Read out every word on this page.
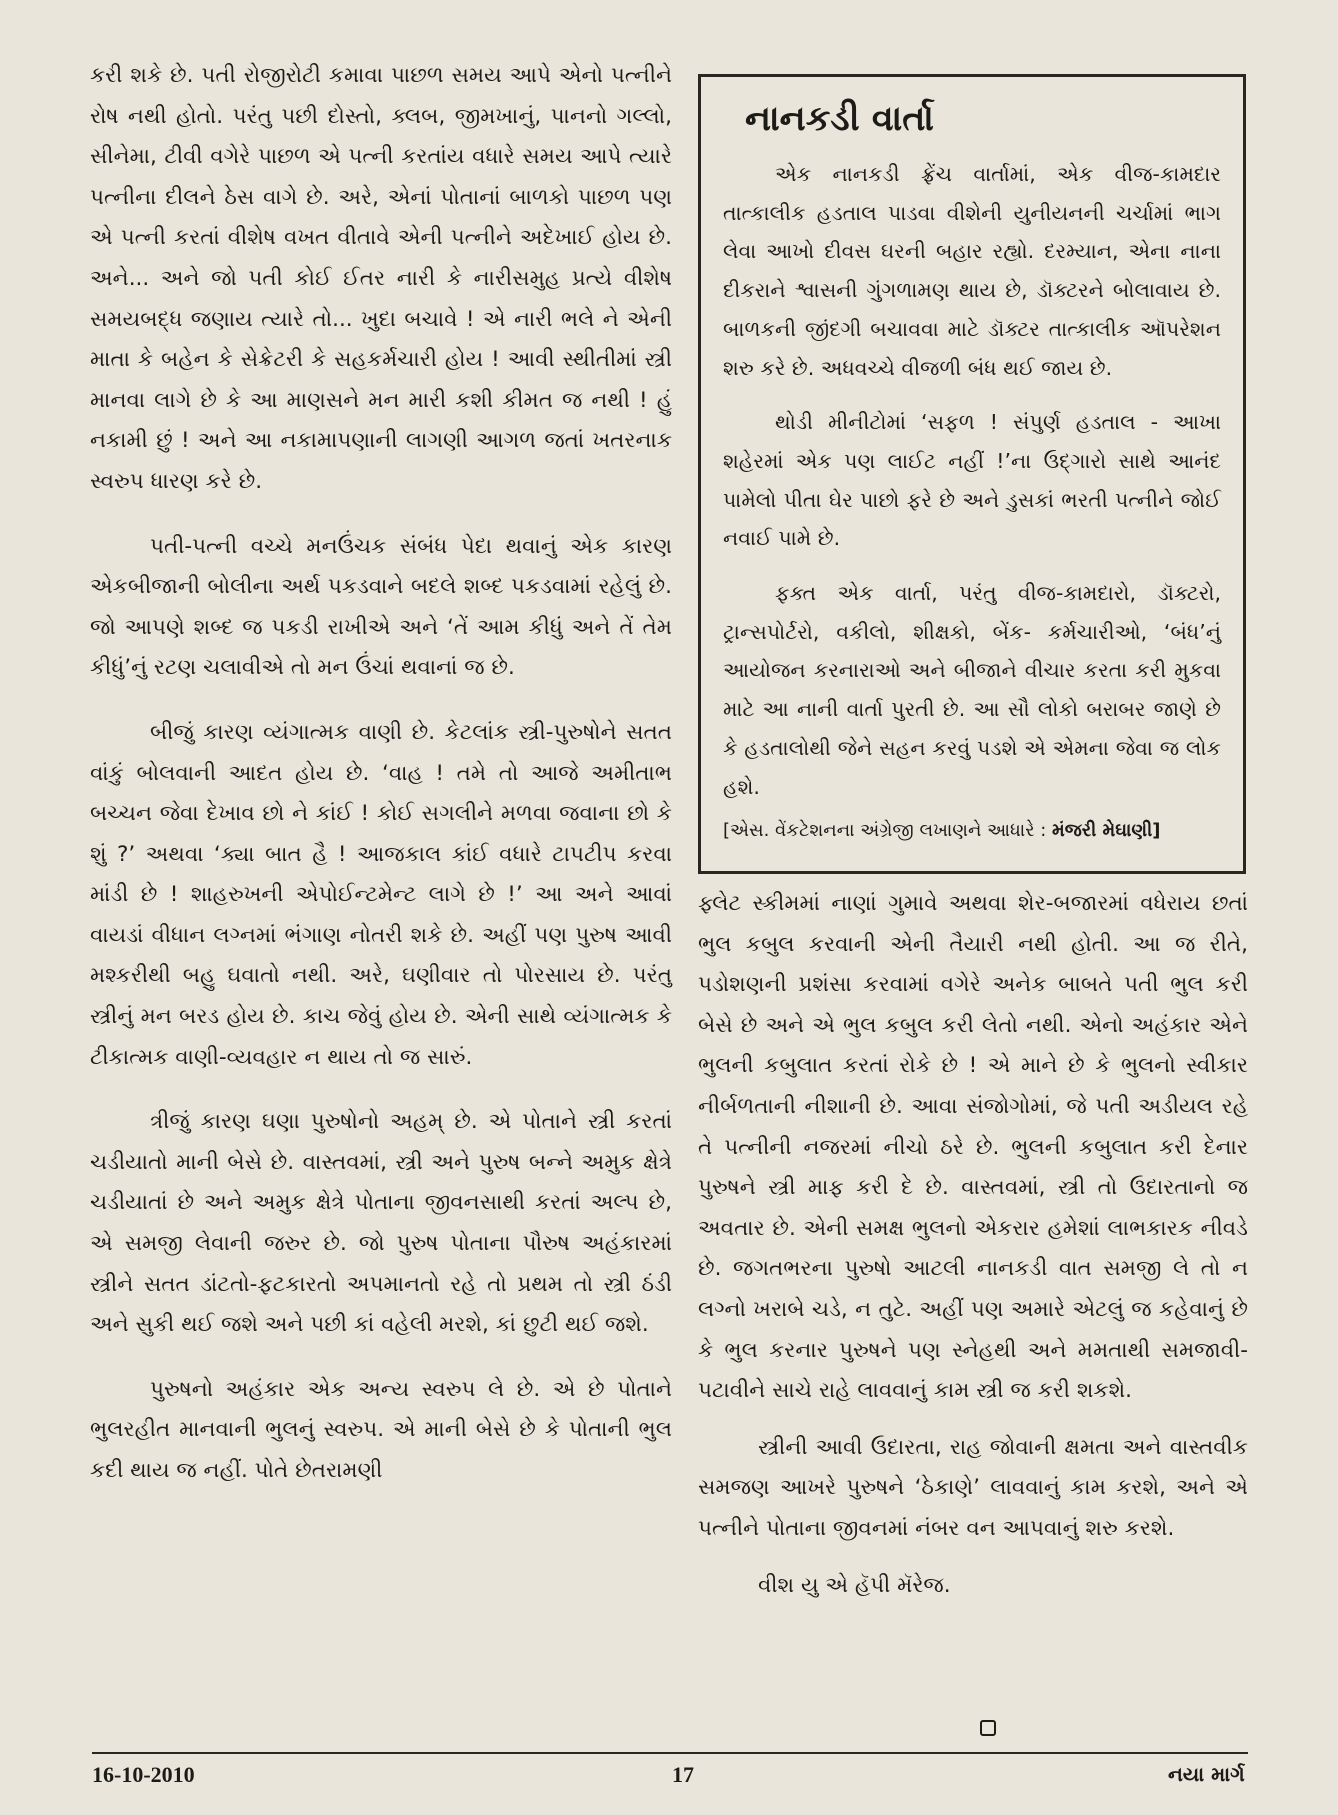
કરી શકે છે. પતી રોજીરોટી કમાવા પાછળ સમય આપે એનો પત્નીને રોષ નથી હોતો. પરંતુ પછી દોસ્તો, ક્લબ, જીમખાનું, પાનનો ગલ્લો, સીનેમા, ટીવી વગેરે પાછળ એ પત્ની કરતાંય વધારે સમય આપે ત્યારે પત્નીના દીલને ઠેસ વાગે છે. અરે, એનાં પોતાનાં બાળકો પાછળ પણ એ પત્ની કરતાં વીશેષ વખત વીતાવે એની પત્નીને અદેખાઈ હોય છે. અને... અને જો પતી કોઈ ઈતર નારી કે નારીસમુહ પ્રત્યે વીશેષ સમયબદ્ધ જણાય ત્યારે તો... ખુદા બચાવે ! એ નારી ભલે ને એની માતા કે બહેન કે સેક્રેટરી કે સહકર્મચારી હોય ! આવી સ્થીતીમાં સ્ત્રી માનવા લાગે છે કે આ માણસને મન મારી કશી કીમત જ નથી ! હું નકામી છું ! અને આ નકામાપણાની લાગણી આગળ જતાં ખતરનાક સ્વરુપ ધારણ કરે છે.

પતી-પત્ની વચ્ચે મનઉંચક સંબંધ પેદા થવાનું એક કારણ એકબીજાની બોલીના અર્થ પકડવાને બદલે શબ્દ પકડવામાં રહેલું છે. જો આપણે શબ્દ જ પકડી રાખીએ અને ‘તેં આમ કીધું અને તેં તેમ કીધું’નું રટણ ચલાવીએ તો મન ઉંચાં થવાનાં જ છે.

બીજું કારણ વ્યંગાત્મક વાણી છે. કેટલાંક સ્ત્રી-પુરુષોને સતત વાંકું બોલવાની આદત હોય છે. ‘વાહ ! તમે તો આજે અમીતાભ બચ્ચન જેવા દેખાવ છો ને કાંઈ ! કોઈ સગલીને મળવા જવાના છો કે શું ?’ અથવા ‘ક્યા બાત હૈ ! આજકાલ કાંઈ વધારે ટાપટીપ કરવા માંડી છે ! શાહરુખની એપોઈન્ટમેન્ટ લાગે છે !’ આ અને આવાં વાયડાં વીધાન લગ્નમાં ભંગાણ નોતરી શકે છે. અહીં પણ પુરુષ આવી મશ્કરીથી બહુ ઘવાતો નથી. અરે, ઘણીવાર તો પોરસાય છે. પરંતુ સ્ત્રીનું મન બરડ હોય છે. કાચ જેવું હોય છે. એની સાથે વ્યંગાત્મક કે ટીકાત્મક વાણી-વ્યવહાર ન થાય તો જ સારું.

ત્રીજું કારણ ઘણા પુરુષોનો અહમ્ છે. એ પોતાને સ્ત્રી કરતાં ચડીયાતો માની બેસે છે. વાસ્તવમાં, સ્ત્રી અને પુરુષ બન્ને અમુક ક્ષેત્રે ચડીયાતાં છે અને અમુક ક્ષેત્રે પોતાના જીવનસાથી કરતાં અલ્પ છે, એ સમજી લેવાની જરુર છે. જો પુરુષ પોતાના પૌરુષ અહંકારમાં સ્ત્રીને સતત ડાંટતો-ફટકારતો અપમાનતો રહે તો પ્રથમ તો સ્ત્રી ઠંડી અને સુકી થઈ જશે અને પછી કાં વહેલી મરશે, કાં છુટી થઈ જશે.

પુરુષનો અહંકાર એક અન્ય સ્વરુપ લે છે. એ છે પોતાને ભુલરહીત માનવાની ભુલનું સ્વરુપ. એ માની બેસે છે કે પોતાની ભુલ કદી થાય જ નહીં. પોતે છેતરામણી

નાનકડી વાર્તા

એક નાનકડી ફ્રેંચ વાર્તામાં, એક વીજ-કામદાર તાત્કાલીક હડતાલ પાડવા વીશેની યુનીયનની ચર્ચામાં ભાગ લેવા આખો દીવસ ઘરની બહાર રહ્યો. દરમ્યાન, એના નાના દીકરાને શ્વાસની ગુંગળામણ થાય છે, ડૉક્ટરને બોલાવાય છે. બાળકની જીંદગી બચાવવા માટે ડૉક્ટર તાત્કાલીક ઑપરેશન શરુ કરે છે. અધવચ્ચે વીજળી બંધ થઈ જાય છે.

થોડી મીનીટોમાં ‘સફળ ! સંપુર્ણ હડતાલ - આખા શહેરમાં એક પણ લાઈટ નહીં !’ના ઉદ્ગારો સાથે આનંદ પામેલો પીતા ઘેર પાછો ફરે છે અને ડુસકાં ભરતી પત્નીને જોઈ નવાઈ પામે છે.

ફક્ત એક વાર્તા, પરંતુ વીજ-કામદારો, ડૉક્ટરો, ટ્રાન્સપોર્ટરો, વકીલો, શીક્ષકો, બેંક- કર્મચારીઓ, ‘બંધ’નું આયોજન કરનારાઓ અને બીજાને વીચાર કરતા કરી મુકવા માટે આ નાની વાર્તા પુરતી છે. આ સૌ લોકો બરાબર જાણે છે કે હડતાલોથી જેને સહન કરવું પડશે એ એમના જેવા જ લોક હશે.

[એસ. વેંકટેશનના અંગ્રેજી લખાણને આધારે : મંજરી મેઘાણી]

ફ્લેટ સ્કીમમાં નાણાં ગુમાવે અથવા શેર-બજારમાં વધેરાય છતાં ભુલ કબુલ કરવાની એની તૈયારી નથી હોતી. આ જ રીતે, પડોશણની પ્રશંસા કરવામાં વગેરે અનેક બાબતે પતી ભુલ કરી બેસે છે અને એ ભુલ કબુલ કરી લેતો નથી. એનો અહંકાર એને ભુલની કબુલાત કરતાં રોકે છે ! એ માને છે કે ભુલનો સ્વીકાર નીર્બળતાની નીશાની છે. આવા સંજોગોમાં, જે પતી અડીયલ રહે તે પત્નીની નજરમાં નીચો ઠરે છે. ભુલની કબુલાત કરી દેનાર પુરુષને સ્ત્રી માફ કરી દે છે. વાસ્તવમાં, સ્ત્રી તો ઉદારતાનો જ અવતાર છે. એની સમક્ષ ભુલનો એકરાર હમેશાં લાભકારક નીવડે છે. જગતભરના પુરુષો આટલી નાનકડી વાત સમજી લે તો ન લગ્નો ખરાબે ચડે, ન તુટે. અહીં પણ અમારે એટલું જ કહેવાનું છે કે ભુલ કરનાર પુરુષને પણ સ્નેહથી અને મમતાથી સમજાવી-પટાવીને સાચે રાહે લાવવાનું કામ સ્ત્રી જ કરી શકશે.

સ્ત્રીની આવી ઉદારતા, રાહ જોવાની ક્ષમતા અને વાસ્તવીક સમજણ આખરે પુરુષને ‘ઠેકાણે’ લાવવાનું કામ કરશે, અને એ પત્નીને પોતાના જીવનમાં નંબર વન આપવાનું શરુ કરશે.

વીશ યુ એ હૅપી મૅરેજ.

16-10-2010	17	નયા માર્ગ
